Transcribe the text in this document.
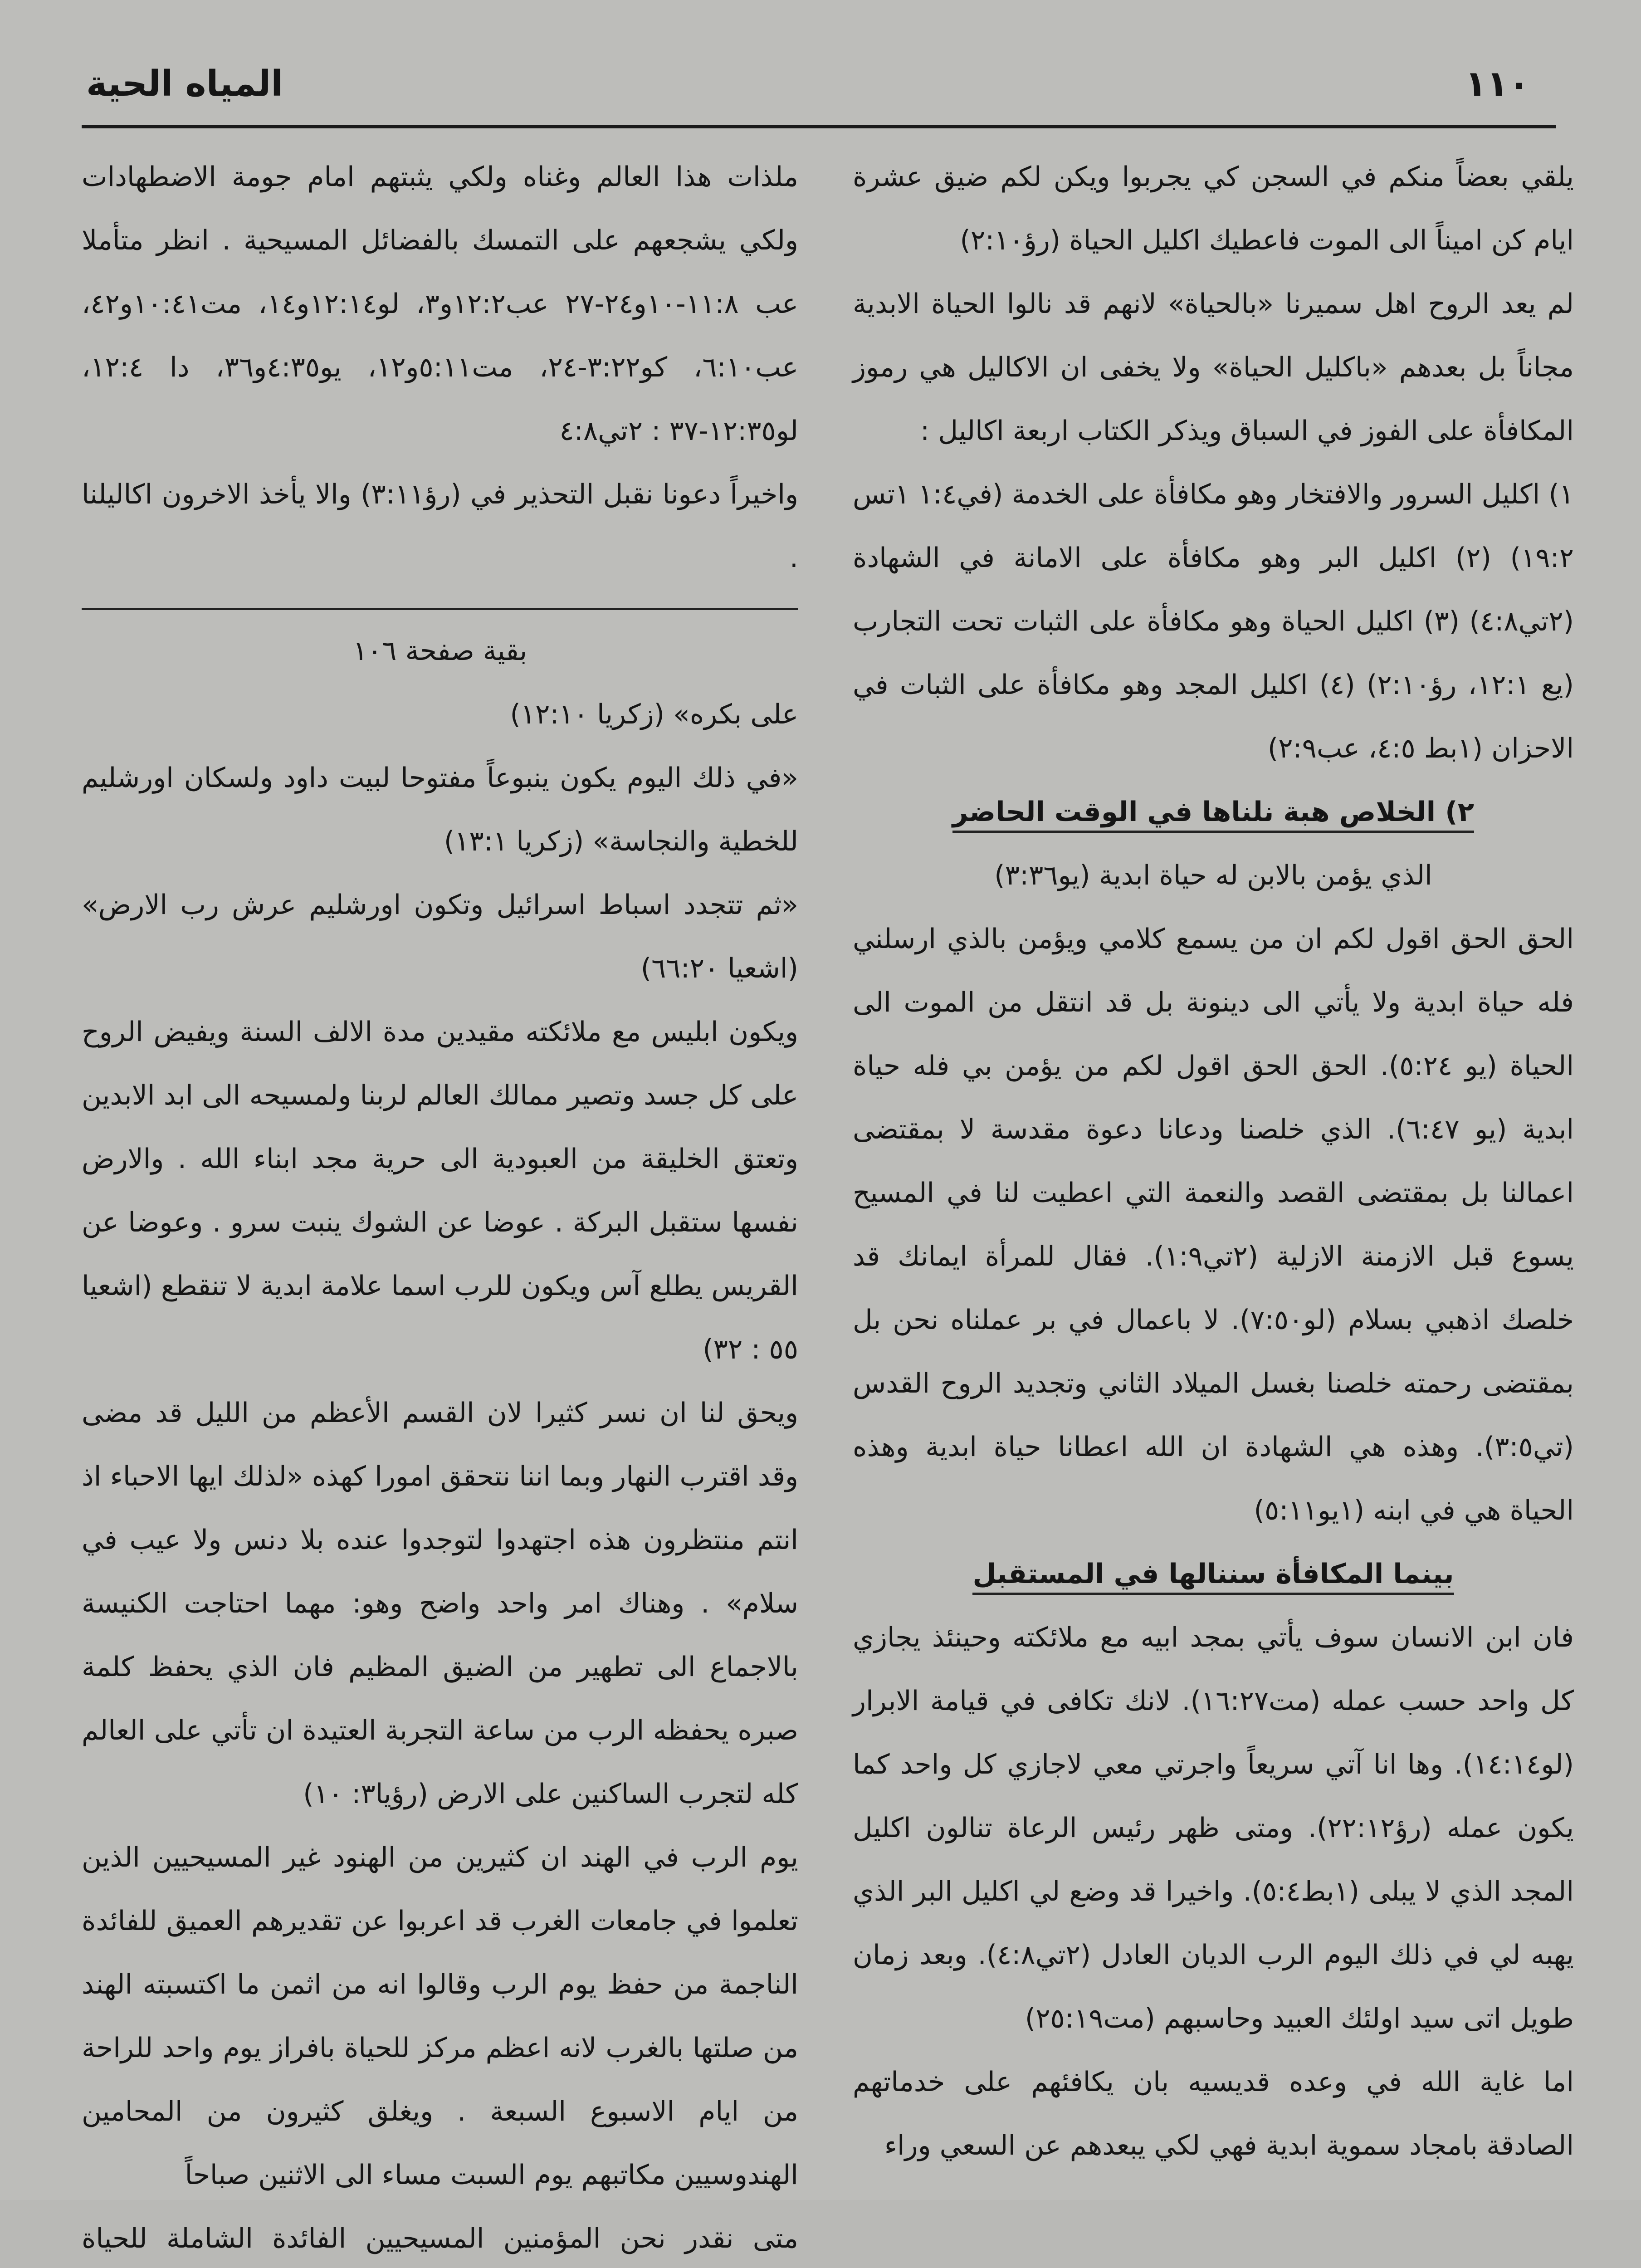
١١٠
المياه الحية

يلقي بعضاً منكم في السجن كي يجربوا ويكن لكم ضيق عشرة ايام كن اميناً الى الموت فاعطيك اكليل الحياة (رؤ٢:١٠)

لم يعد الروح اهل سميرنا «بالحياة» لانهم قد نالوا الحياة الابدية مجاناً بل بعدهم «باكليل الحياة» ولا يخفى ان الاكاليل هي رموز المكافأة على الفوز في السباق ويذكر الكتاب اربعة اكاليل :

١) اكليل السرور والافتخار وهو مكافأة على الخدمة (في١:٤ ١تس ١٩:٢) (٢) اكليل البر وهو مكافأة على الامانة في الشهادة (٢تي٤:٨) (٣) اكليل الحياة وهو مكافأة على الثبات تحت التجارب (يع ١٢:١، رؤ٢:١٠) (٤) اكليل المجد وهو مكافأة على الثبات في الاحزان (١بط ٤:٥، عب٢:٩)

٢) الخلاص هبة نلناها في الوقت الحاضر

الذي يؤمن بالابن له حياة ابدية (يو٣:٣٦)

الحق الحق اقول لكم ان من يسمع كلامي ويؤمن بالذي ارسلني فله حياة ابدية ولا يأتي الى دينونة بل قد انتقل من الموت الى الحياة (يو ٥:٢٤). الحق الحق اقول لكم من يؤمن بي فله حياة ابدية (يو ٦:٤٧). الذي خلصنا ودعانا دعوة مقدسة لا بمقتضى اعمالنا بل بمقتضى القصد والنعمة التي اعطيت لنا في المسيح يسوع قبل الازمنة الازلية (٢تي١:٩). فقال للمرأة ايمانك قد خلصك اذهبي بسلام (لو٧:٥٠). لا باعمال في بر عملناه نحن بل بمقتضى رحمته خلصنا بغسل الميلاد الثاني وتجديد الروح القدس (تي٣:٥). وهذه هي الشهادة ان الله اعطانا حياة ابدية وهذه الحياة هي في ابنه (١يو٥:١١)

بينما المكافأة سننالها في المستقبل

فان ابن الانسان سوف يأتي بمجد ابيه مع ملائكته وحينئذ يجازي كل واحد حسب عمله (مت١٦:٢٧). لانك تكافى في قيامة الابرار (لو١٤:١٤). وها انا آتي سريعاً واجرتي معي لاجازي كل واحد كما يكون عمله (رؤ٢٢:١٢). ومتى ظهر رئيس الرعاة تنالون اكليل المجد الذي لا يبلى (١بط٥:٤). واخيرا قد وضع لي اكليل البر الذي يهبه لي في ذلك اليوم الرب الديان العادل (٢تي٤:٨). وبعد زمان طويل اتى سيد اولئك العبيد وحاسبهم (مت٢٥:١٩)

اما غاية الله في وعده قديسيه بان يكافئهم على خدماتهم الصادقة بامجاد سموية ابدية فهي لكي يبعدهم عن السعي وراء

ملذات هذا العالم وغناه ولكي يثبتهم امام جومة الاضطهادات ولكي يشجعهم على التمسك بالفضائل المسيحية . انظر متأملا عب ١١:٨-١٠و٢٤-٢٧ عب١٢:٢و٣، لو١٢:١٤و١٤، مت١٠:٤١و٤٢، عب٦:١٠، كو٣:٢٢-٢٤، مت٥:١١و١٢، يو٤:٣٥و٣٦، دا ١٢:٤، لو١٢:٣٥-٣٧ : ٢تي٤:٨

واخيراً دعونا نقبل التحذير في (رؤ٣:١١) والا يأخذ الاخرون اكاليلنا .

بقية صفحة ١٠٦

على بكره» (زكريا ١٢:١٠)

«في ذلك اليوم يكون ينبوعاً مفتوحا لبيت داود ولسكان اورشليم للخطية والنجاسة» (زكريا ١٣:١)

«ثم تتجدد اسباط اسرائيل وتكون اورشليم عرش رب الارض» (اشعيا ٦٦:٢٠)

ويكون ابليس مع ملائكته مقيدين مدة الالف السنة ويفيض الروح على كل جسد وتصير ممالك العالم لربنا ولمسيحه الى ابد الابدين وتعتق الخليقة من العبودية الى حرية مجد ابناء الله . والارض نفسها ستقبل البركة . عوضا عن الشوك ينبت سرو . وعوضا عن القريس يطلع آس ويكون للرب اسما علامة ابدية لا تنقطع (اشعيا ٥٥ : ٣٢)

ويحق لنا ان نسر كثيرا لان القسم الأعظم من الليل قد مضى وقد اقترب النهار وبما اننا نتحقق امورا كهذه «لذلك ايها الاحباء اذ انتم منتظرون هذه اجتهدوا لتوجدوا عنده بلا دنس ولا عيب في سلام» . وهناك امر واحد واضح وهو: مهما احتاجت الكنيسة بالاجماع الى تطهير من الضيق المظيم فان الذي يحفظ كلمة صبره يحفظه الرب من ساعة التجربة العتيدة ان تأتي على العالم كله لتجرب الساكنين على الارض (رؤيا٣: ١٠)

يوم الرب في الهند ان كثيرين من الهنود غير المسيحيين الذين تعلموا في جامعات الغرب قد اعربوا عن تقديرهم العميق للفائدة الناجمة من حفظ يوم الرب وقالوا انه من اثمن ما اكتسبته الهند من صلتها بالغرب لانه اعظم مركز للحياة بافراز يوم واحد للراحة من ايام الاسبوع السبعة . ويغلق كثيرون من المحامين الهندوسيين مكاتبهم يوم السبت مساء الى الاثنين صباحاً

متى نقدر نحن المؤمنين المسيحيين الفائدة الشاملة للحياة
